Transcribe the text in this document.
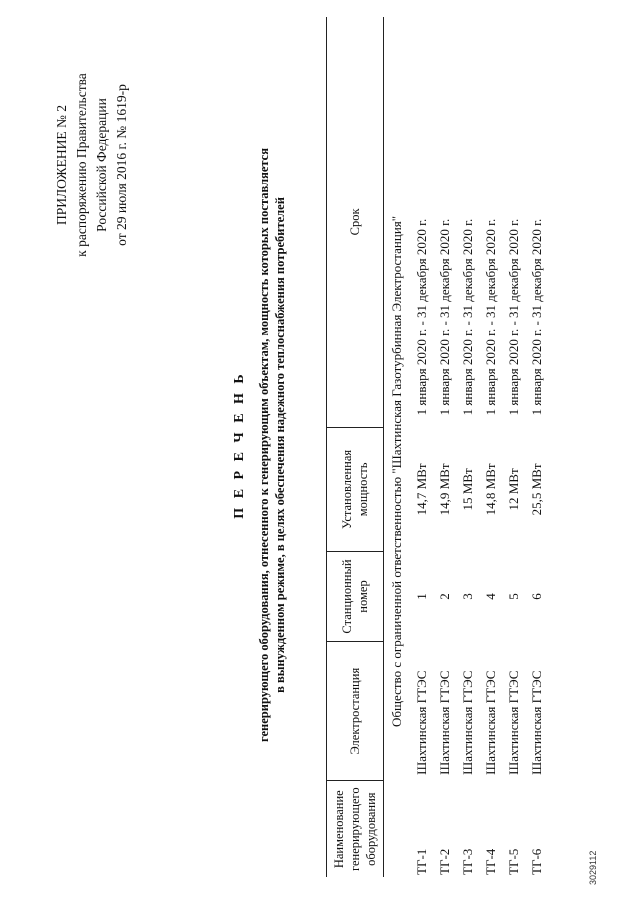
ПРИЛОЖЕНИЕ № 2 к распоряжению Правительства Российской Федерации от 29 июля 2016 г. № 1619-р
П Е Р Е Ч Е Н Ь генерирующего оборудования, отнесенного к генерирующим объектам, мощность которых поставляется в вынужденном режиме, в целях обеспечения надежного теплоснабжения потребителей
Наименование генерирующего оборудования	Электростанция	Станционный номер	Установленная мощность	Срок
Общество с ограниченной ответственностью "Шахтинская Газотурбинная Электростанция"				
ТГ-1	Шахтинская ГТЭС	1	14,7 МВт	1 января 2020 г. - 31 декабря 2020 г.
ТГ-2	Шахтинская ГТЭС	2	14,9 МВт	1 января 2020 г. - 31 декабря 2020 г.
ТГ-3	Шахтинская ГТЭС	3	15 МВт	1 января 2020 г. - 31 декабря 2020 г.
ТГ-4	Шахтинская ГТЭС	4	14,8 МВт	1 января 2020 г. - 31 декабря 2020 г.
ТГ-5	Шахтинская ГТЭС	5	12 МВт	1 января 2020 г. - 31 декабря 2020 г.
ТГ-6	Шахтинская ГТЭС	6	25,5 МВт	1 января 2020 г. - 31 декабря 2020 г.
3029112
